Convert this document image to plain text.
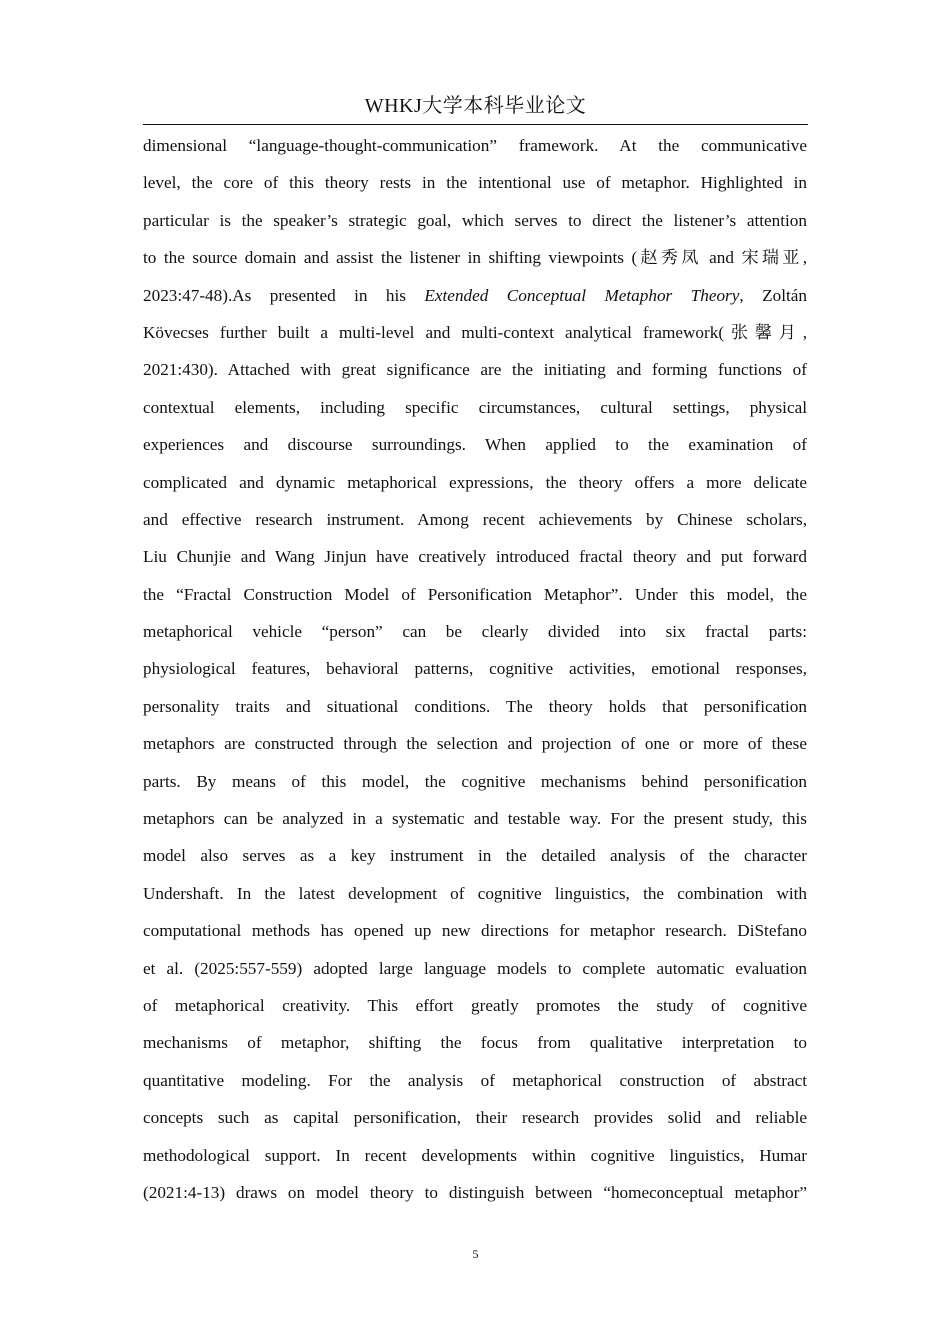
WHKJ大学本科毕业论文
dimensional “language-thought-communication” framework. At the communicative
level, the core of this theory rests in the intentional use of metaphor. Highlighted in
particular is the speaker’s strategic goal, which serves to direct the listener’s attention
to the source domain and assist the listener in shifting viewpoints (赵秀凤 and 宋瑞亚,
2023:47-48).As presented in his Extended Conceptual Metaphor Theory, Zoltán
Kövecses further built a multi-level and multi-context analytical framework(张馨月,
2021:430). Attached with great significance are the initiating and forming functions of
contextual elements, including specific circumstances, cultural settings, physical
experiences and discourse surroundings. When applied to the examination of
complicated and dynamic metaphorical expressions, the theory offers a more delicate
and effective research instrument. Among recent achievements by Chinese scholars,
Liu Chunjie and Wang Jinjun have creatively introduced fractal theory and put forward
the “Fractal Construction Model of Personification Metaphor”. Under this model, the
metaphorical vehicle “person” can be clearly divided into six fractal parts:
physiological features, behavioral patterns, cognitive activities, emotional responses,
personality traits and situational conditions. The theory holds that personification
metaphors are constructed through the selection and projection of one or more of these
parts. By means of this model, the cognitive mechanisms behind personification
metaphors can be analyzed in a systematic and testable way. For the present study, this
model also serves as a key instrument in the detailed analysis of the character
Undershaft. In the latest development of cognitive linguistics, the combination with
computational methods has opened up new directions for metaphor research. DiStefano
et al. (2025:557-559) adopted large language models to complete automatic evaluation
of metaphorical creativity. This effort greatly promotes the study of cognitive
mechanisms of metaphor, shifting the focus from qualitative interpretation to
quantitative modeling. For the analysis of metaphorical construction of abstract
concepts such as capital personification, their research provides solid and reliable
methodological support. In recent developments within cognitive linguistics, Humar
(2021:4-13) draws on model theory to distinguish between “homeconceptual metaphor”
5
